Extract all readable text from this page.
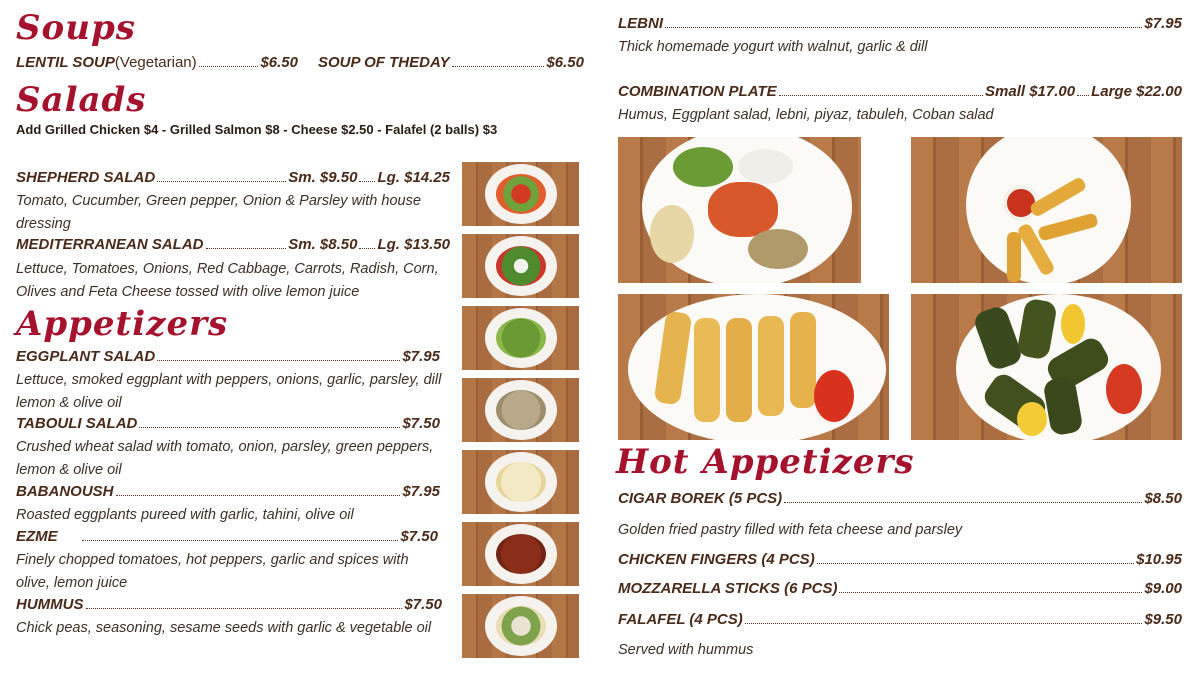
Soups
LENTIL SOUP (Vegetarian)	$6.50 SOUP OF THEDAY	$6.50
Salads
Add Grilled Chicken $4 - Grilled Salmon $8 - Cheese $2.50 - Falafel (2 balls) $3
SHEPHERD SALAD	Sm. $9.50 Lg. $14.25
Tomato, Cucumber, Green pepper, Onion & Parsley with house dressing
MEDITERRANEAN SALAD	Sm. $8.50 Lg. $13.50
Lettuce, Tomatoes, Onions, Red Cabbage, Carrots, Radish, Corn, Olives and Feta Cheese tossed with olive lemon juice
Appetizers
EGGPLANT SALAD	$7.95
Lettuce, smoked eggplant with peppers, onions, garlic, parsley, dill lemon & olive oil
TABOULI SALAD	$7.50
Crushed wheat salad with tomato, onion, parsley, green peppers, lemon & olive oil
BABANOUSH	$7.95
Roasted eggplants pureed with garlic, tahini, olive oil
EZME	$7.50
Finely chopped tomatoes, hot peppers, garlic and spices with olive, lemon juice
HUMMUS	$7.50
Chick peas, seasoning, sesame seeds with garlic & vegetable oil
LEBNI	$7.95
Thick homemade yogurt with walnut, garlic & dill
COMBINATION PLATE	Small $17.00 Large $22.00
Humus, Eggplant salad, lebni, piyaz, tabuleh, Coban salad
Hot Appetizers
CIGAR BOREK (5 PCS)	$8.50
Golden fried pastry filled with feta cheese and parsley
CHICKEN FINGERS (4 PCS)	$10.95
MOZZARELLA STICKS (6 PCS)	$9.00
FALAFEL (4 PCS)	$9.50
Served with hummus
